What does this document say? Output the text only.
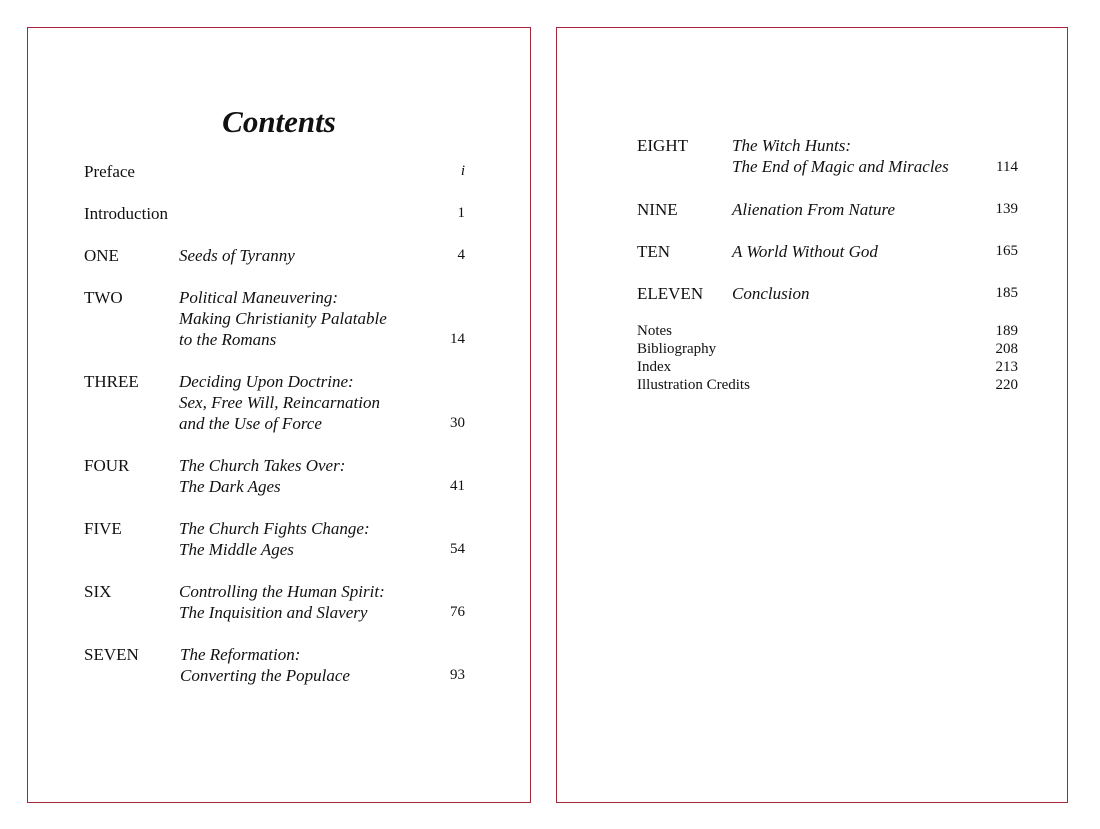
Contents
Preface	i
Introduction	1
ONE	Seeds of Tyranny	4
TWO	Political Maneuvering:
Making Christianity Palatable
to the Romans	14
THREE Deciding Upon Doctrine:
Sex, Free Will, Reincarnation
and the Use of Force	30
FOUR	The Church Takes Over:
The Dark Ages	41
FIVE	The Church Fights Change:
The Middle Ages	54
SIX	Controlling the Human Spirit:
The Inquisition and Slavery	76
SEVEN The Reformation:
Converting the Populace	93
EIGHT	The Witch Hunts:
The End of Magic and Miracles	114
NINE	Alienation From Nature	139
TEN	A World Without God	165
ELEVEN Conclusion	185
Notes	189
Bibliography	208
Index	213
Illustration Credits	220
